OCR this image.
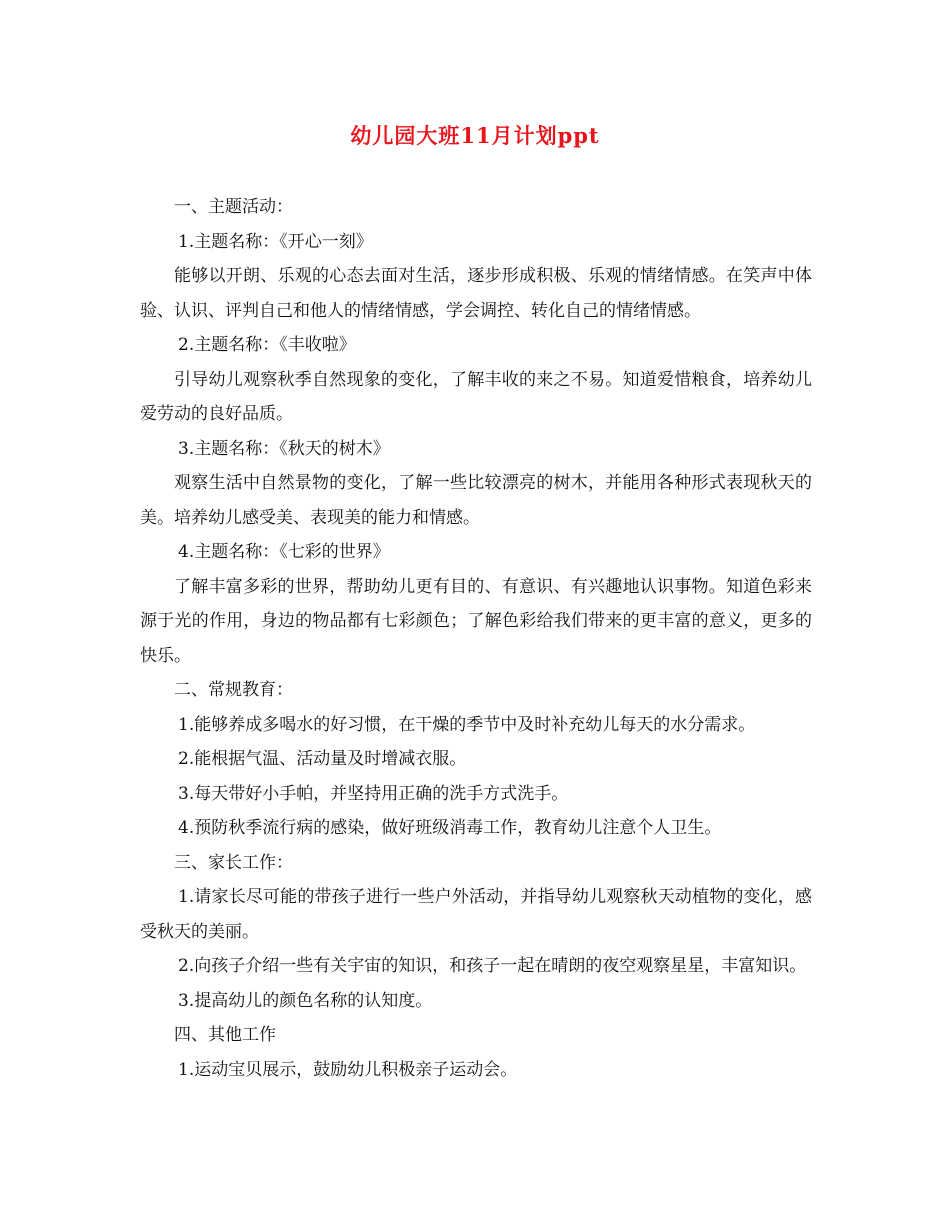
幼儿园大班11月计划ppt
一、主题活动：
1.主题名称：《开心一刻》

能够以开朗、乐观的心态去面对生活，逐步形成积极、乐观的情绪情感。在笑声中体验、认识、评判自己和他人的情绪情感，学会调控、转化自己的情绪情感。

2.主题名称：《丰收啦》

引导幼儿观察秋季自然现象的变化，了解丰收的来之不易。知道爱惜粮食，培养幼儿爱劳动的良好品质。

3.主题名称：《秋天的树木》

观察生活中自然景物的变化，了解一些比较漂亮的树木，并能用各种形式表现秋天的美。培养幼儿感受美、表现美的能力和情感。

4.主题名称：《七彩的世界》

了解丰富多彩的世界，帮助幼儿更有目的、有意识、有兴趣地认识事物。知道色彩来源于光的作用，身边的物品都有七彩颜色；了解色彩给我们带来的更丰富的意义，更多的快乐。

二、常规教育：
1.能够养成多喝水的好习惯，在干燥的季节中及时补充幼儿每天的水分需求。
2.能根据气温、活动量及时增减衣服。
3.每天带好小手帕，并坚持用正确的洗手方式洗手。
4.预防秋季流行病的感染，做好班级消毒工作，教育幼儿注意个人卫生。
三、家长工作：

1.请家长尽可能的带孩子进行一些户外活动，并指导幼儿观察秋天动植物的变化，感受秋天的美丽。

2.向孩子介绍一些有关宇宙的知识，和孩子一起在晴朗的夜空观察星星，丰富知识。

3.提高幼儿的颜色名称的认知度。
四、其他工作
1.运动宝贝展示，鼓励幼儿积极亲子运动会。
